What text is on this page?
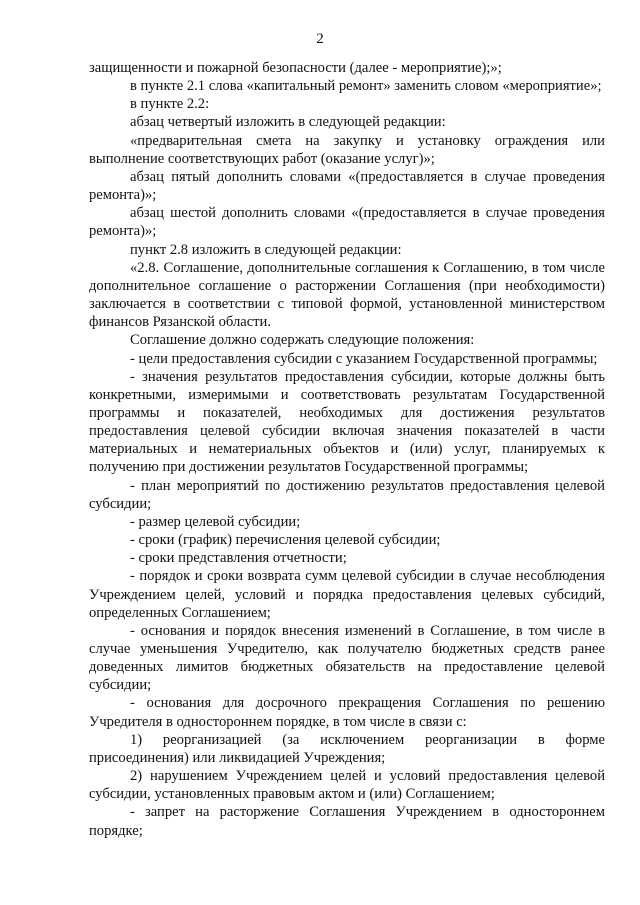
2

защищенности и пожарной безопасности (далее - мероприятие);»;

в пункте 2.1 слова «капитальный ремонт» заменить словом «мероприятие»;

в пункте 2.2:

абзац четвертый изложить в следующей редакции:

«предварительная смета на закупку и установку ограждения или выполнение соответствующих работ (оказание услуг)»;

абзац пятый дополнить словами «(предоставляется в случае проведения ремонта)»;

абзац шестой дополнить словами «(предоставляется в случае проведения ремонта)»;

пункт 2.8 изложить в следующей редакции:

«2.8. Соглашение, дополнительные соглашения к Соглашению, в том числе дополнительное соглашение о расторжении Соглашения (при необходимости) заключается в соответствии с типовой формой, установленной министерством финансов Рязанской области.

Соглашение должно содержать следующие положения:

- цели предоставления субсидии с указанием Государственной программы;

- значения результатов предоставления субсидии, которые должны быть конкретными, измеримыми и соответствовать результатам Государственной программы и показателей, необходимых для достижения результатов предоставления целевой субсидии включая значения показателей в части материальных и нематериальных объектов и (или) услуг, планируемых к получению при достижении результатов Государственной программы;

- план мероприятий по достижению результатов предоставления целевой субсидии;

- размер целевой субсидии;

- сроки (график) перечисления целевой субсидии;

- сроки представления отчетности;

- порядок и сроки возврата сумм целевой субсидии в случае несоблюдения Учреждением целей, условий и порядка предоставления целевых субсидий, определенных Соглашением;

- основания и порядок внесения изменений в Соглашение, в том числе в случае уменьшения Учредителю, как получателю бюджетных средств ранее доведенных лимитов бюджетных обязательств на предоставление целевой субсидии;

- основания для досрочного прекращения Соглашения по решению Учредителя в одностороннем порядке, в том числе в связи с:

1) реорганизацией (за исключением реорганизации в форме присоединения) или ликвидацией Учреждения;

2) нарушением Учреждением целей и условий предоставления целевой субсидии, установленных правовым актом и (или) Соглашением;

- запрет на расторжение Соглашения Учреждением в одностороннем порядке;
